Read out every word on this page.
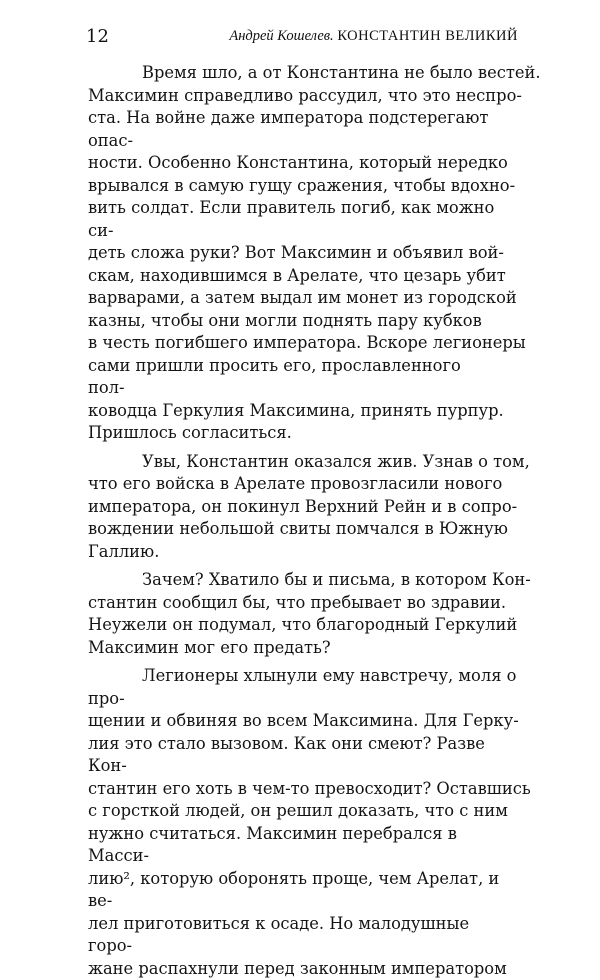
12	Андрей Кошелев. КОНСТАНТИН ВЕЛИКИЙ
Время шло, а от Константина не было вестей.
Максимин справедливо рассудил, что это неспро-
ста. На войне даже императора подстерегают
опас-
ности. Особенно Константина, который нередко
врывался в самую гущу сражения, чтобы вдохно-
вить солдат. Если правитель погиб, как можно
си-
деть сложа руки? Вот Максимин и объявил вой-
скам, находившимся в Арелате, что цезарь убит
варварами, а затем выдал им монет из городской
казны, чтобы они могли поднять пару кубков
в честь погибшего императора. Вскоре легионеры
сами пришли просить его, прославленного
пол-
ководца Геркулия Максимина, принять пурпур.
Пришлось согласиться.
Увы, Константин оказался жив. Узнав о том,
что его войска в Арелате провозгласили нового
императора, он покинул Верхний Рейн и в сопро-
вождении небольшой свиты помчался в Южную
Галлию.
Зачем? Хватило бы и письма, в котором Кон-
стантин сообщил бы, что пребывает во здравии.
Неужели он подумал, что благородный Геркулий
Максимин мог его предать?
Легионеры хлынули ему навстречу, моля о
про-
щении и обвиняя во всем Максимина. Для Герку-
лия это стало вызовом. Как они смеют? Разве
Кон-
стантин его хоть в чем-то превосходит? Оставшись
с горсткой людей, он решил доказать, что с ним
нужно считаться. Максимин перебрался в
Масси-
лию², которую оборонять проще, чем Арелат, и
ве-
лел приготовиться к осаде. Но малодушные
горо-
жане распахнули перед законным императором
